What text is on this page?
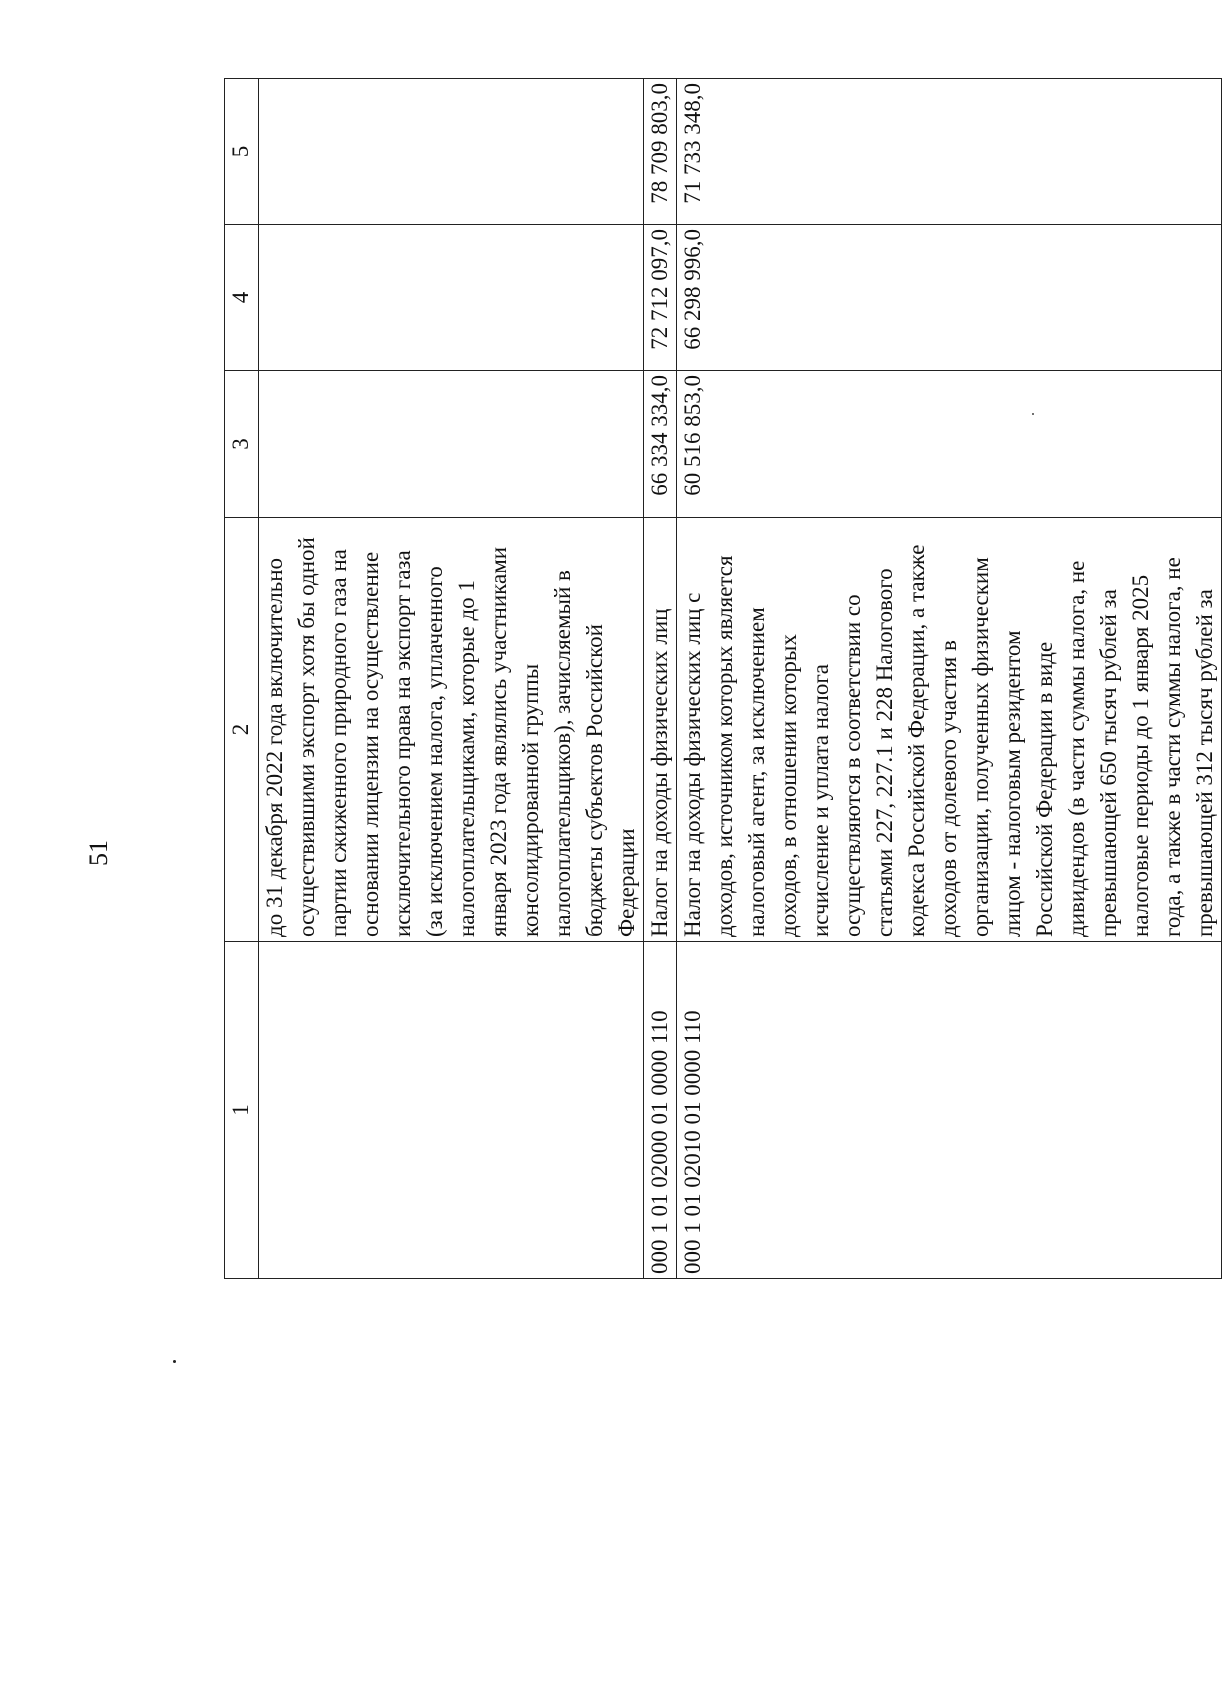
51
1	2	3	4	5
	до 31 декабря 2022 года включительно осуществившими экспорт хотя бы одной партии сжиженного природного газа на основании лицензии на осуществление исключительного права на экспорт газа (за исключением налога, уплаченного налогоплательщиками, которые до 1 января 2023 года являлись участниками консолидированной группы налогоплательщиков), зачисляемый в бюджеты субъектов Российской Федерации			
000 1 01 02000 01 0000 110	Налог на доходы физических лиц	66 334 334,0	72 712 097,0	78 709 803,0
000 1 01 02010 01 0000 110	Налог на доходы физических лиц с доходов, источником которых является налоговый агент, за исключением доходов, в отношении которых исчисление и уплата налога осуществляются в соответствии со статьями 227, 227.1 и 228 Налогового кодекса Российской Федерации, а также доходов от долевого участия в организации, полученных физическим лицом - налоговым резидентом Российской Федерации в виде дивидендов (в части суммы налога, не превышающей 650 тысяч рублей за налоговые периоды до 1 января 2025 года, а также в части суммы налога, не превышающей 312 тысяч рублей за	60 516 853,0	66 298 996,0	71 733 348,0
